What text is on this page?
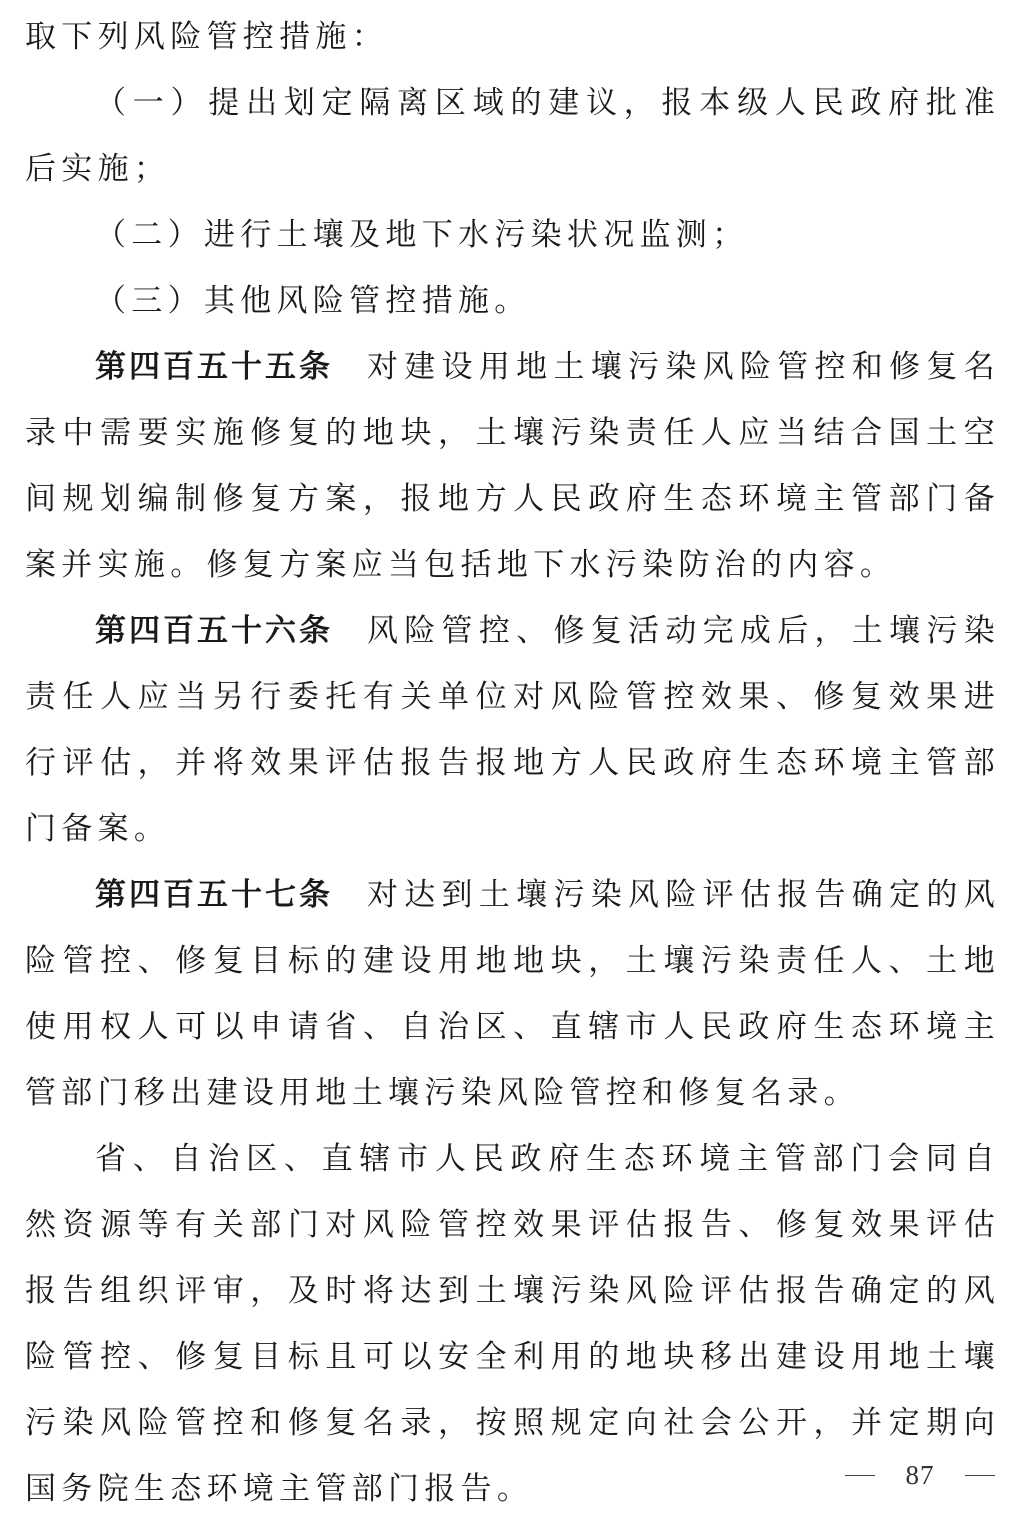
取下列风险管控措施：

（一）提出划定隔离区域的建议，报本级人民政府批准后实施；

（二）进行土壤及地下水污染状况监测；

（三）其他风险管控措施。

第四百五十五条 对建设用地土壤污染风险管控和修复名录中需要实施修复的地块，土壤污染责任人应当结合国土空间规划编制修复方案，报地方人民政府生态环境主管部门备案并实施。修复方案应当包括地下水污染防治的内容。

第四百五十六条 风险管控、修复活动完成后，土壤污染责任人应当另行委托有关单位对风险管控效果、修复效果进行评估，并将效果评估报告报地方人民政府生态环境主管部门备案。

第四百五十七条 对达到土壤污染风险评估报告确定的风险管控、修复目标的建设用地地块，土壤污染责任人、土地使用权人可以申请省、自治区、直辖市人民政府生态环境主管部门移出建设用地土壤污染风险管控和修复名录。

省、自治区、直辖市人民政府生态环境主管部门会同自然资源等有关部门对风险管控效果评估报告、修复效果评估报告组织评审，及时将达到土壤污染风险评估报告确定的风险管控、修复目标且可以安全利用的地块移出建设用地土壤污染风险管控和修复名录，按照规定向社会公开，并定期向国务院生态环境主管部门报告。	87
